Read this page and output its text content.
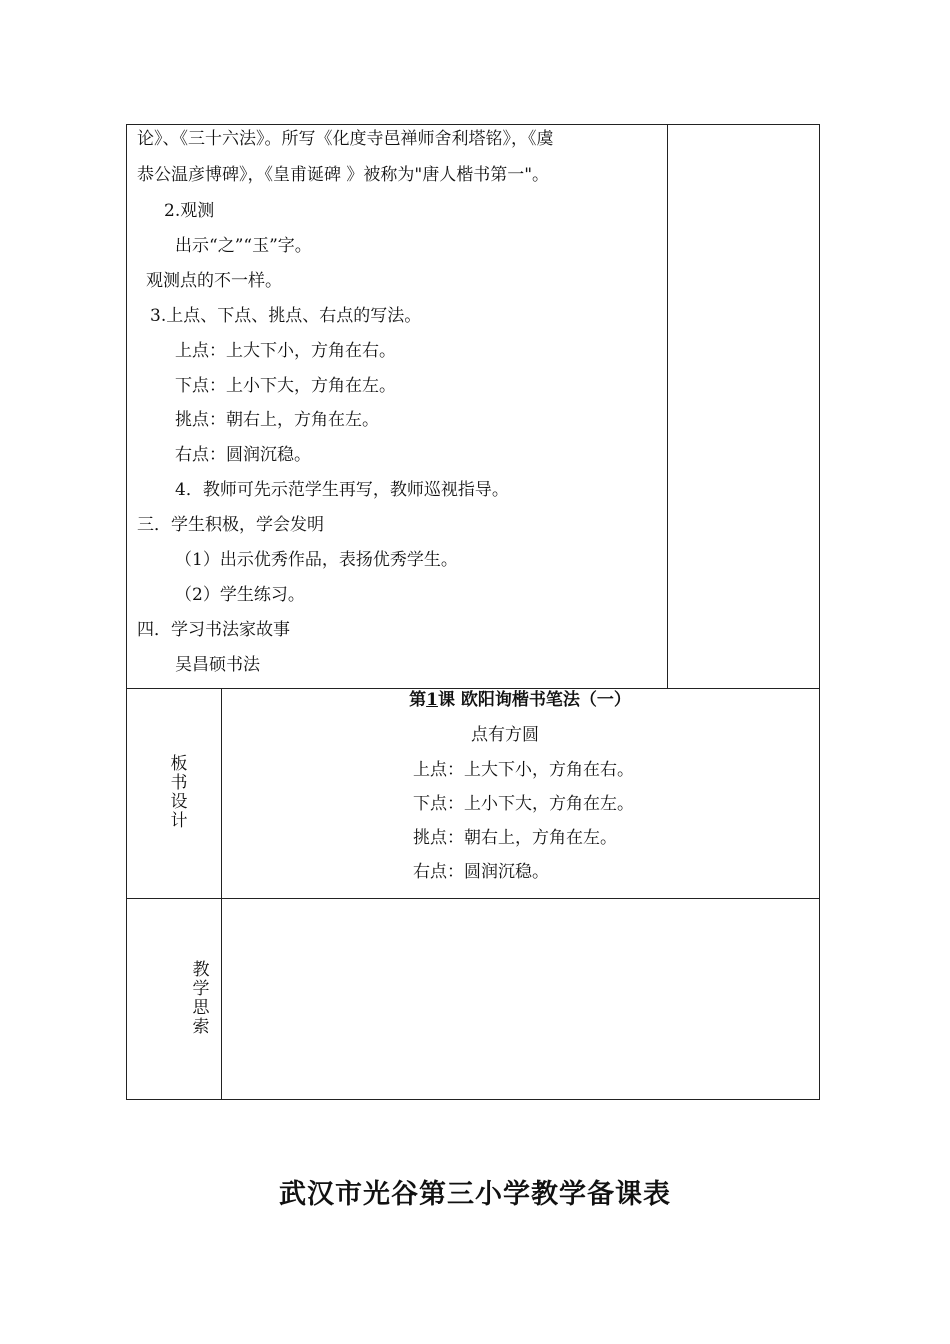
论》、《三十六法》。所写《化度寺邑禅师舍利塔铭》，《虞
恭公温彦博碑》，《皇甫诞碑 》被称为"唐人楷书第一"。
2.观测
出示“之”“玉”字。
观测点的不一样。
3.上点、下点、挑点、右点的写法。
上点：上大下小，方角在右。
下点：上小下大，方角在左。
挑点：朝右上，方角在左。
右点：圆润沉稳。
4．教师可先示范学生再写，教师巡视指导。
三．学生积极，学会发明
（1）出示优秀作品，表扬优秀学生。
（2）学生练习。
四．学习书法家故事
吴昌硕书法
板
书
设
计
第1课 欧阳询楷书笔法（一）
点有方圆
上点：上大下小，方角在右。
下点：上小下大，方角在左。
挑点：朝右上，方角在左。
右点：圆润沉稳。
教
学
思
索
武汉市光谷第三小学教学备课表
